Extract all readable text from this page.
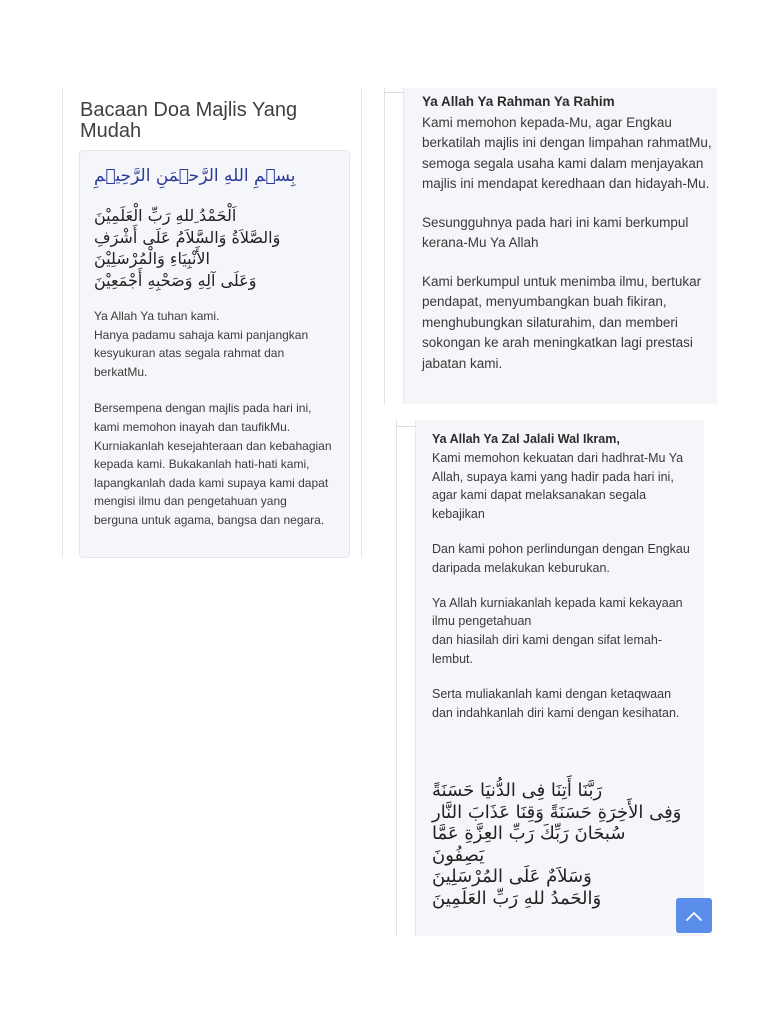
Bacaan Doa Majlis Yang Mudah

بِسۡمِ اللهِ الرَّحۡمَنِ الرَّحِيۡمِ

اَلْحَمْدُ ِللهِ رَبِّ الْعَلَمِيْنَ
وَالصَّلاَةُ وَالسَّلاَمُ عَلَى أَشْرَفِ
الأَنْبِيَاءِ وَالْمُرْسَلِيْنَ
وَعَلَى آلِهِ وَصَحْبِهِ أَجْمَعِيْنَ

Ya Allah Ya tuhan kami.
Hanya padamu sahaja kami panjangkan kesyukuran atas segala rahmat dan berkatMu.

Bersempena dengan majlis pada hari ini, kami memohon inayah dan taufikMu. Kurniakanlah kesejahteraan dan kebahagian kepada kami. Bukakanlah hati-hati kami, lapangkanlah dada kami supaya kami dapat mengisi ilmu dan pengetahuan yang berguna untuk agama, bangsa dan negara.

Ya Allah Ya Rahman Ya Rahim

Kami memohon kepada-Mu, agar Engkau berkatilah majlis ini dengan limpahan rahmatMu, semoga segala usaha kami dalam menjayakan majlis ini mendapat keredhaan dan hidayah-Mu.

Sesungguhnya pada hari ini kami berkumpul kerana-Mu Ya Allah

Kami berkumpul untuk menimba ilmu, bertukar pendapat, menyumbangkan buah fikiran, menghubungkan silaturahim, dan memberi sokongan ke arah meningkatkan lagi prestasi jabatan kami.

Ya Allah Ya Zal Jalali Wal Ikram,

Kami memohon kekuatan dari hadhrat-Mu Ya Allah, supaya kami yang hadir pada hari ini,
agar kami dapat melaksanakan segala kebajikan

Dan kami pohon perlindungan dengan Engkau daripada melakukan keburukan.

Ya Allah kurniakanlah kepada kami kekayaan ilmu pengetahuan
dan hiasilah diri kami dengan sifat lemah-lembut.

Serta muliakanlah kami dengan ketaqwaan dan indahkanlah diri kami dengan kesihatan.

رَبَّنَا أَتِنَا فِى الدُّنيَا حَسَنَةً
وَفِى الأَخِرَةِ حَسَنَةً وَقِنَا عَذَابَ النَّار
سُبحَانَ رَبِّكَ رَبِّ العِزَّةِ عَمَّا يَصِفُونَ
وَسَلاَمٌ عَلَى المُرْسَلِينَ
وَالحَمدُ للهِ رَبِّ العَلَمِينَ
